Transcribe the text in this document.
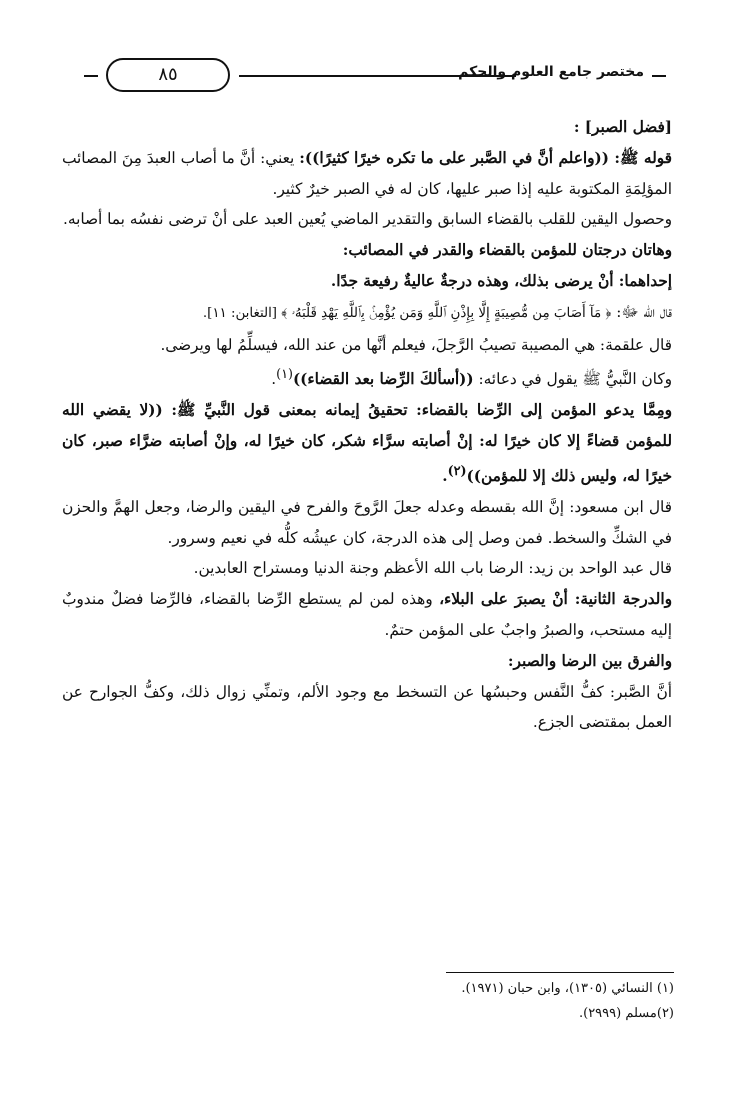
مختصر جامع العلوم والحكم
٨٥

[فضل الصبر] :

قوله ﷺ: ((واعلم أنَّ في الصَّبر على ما تكره خيرًا كثيرًا)): يعني: أنَّ ما أصاب العبدَ مِنَ المصائب المؤلِمَةِ المكتوبة عليه إذا صبر عليها، كان له في الصبر خيرٌ كثير.

وحصول اليقين للقلب بالقضاء السابق والتقدير الماضي يُعين العبد على أنْ ترضى نفسُه بما أصابه.

وهاتان درجتان للمؤمن بالقضاء والقدر في المصائب:

إحداهما: أنْ يرضى بذلك، وهذه درجةٌ عاليةٌ رفيعة جدًا.

قال الله ﷻ: ﴿ مَآ أَصَابَ مِن مُّصِيبَةٍ إِلَّا بِإِذْنِ ٱللَّهِ وَمَن يُؤْمِنۢ بِٱللَّهِ يَهْدِ قَلْبَهُۥ ﴾ [التغابن: ١١].

قال علقمة: هي المصيبة تصيبُ الرَّجلَ، فيعلم أنَّها من عند الله، فيسلِّمُ لها ويرضى.

وكان النَّبيُّ ﷺ يقول في دعائه: ((أسألكَ الرِّضا بعد القضاء))$^{(١)}$.

ومِمَّا يدعو المؤمن إلى الرِّضا بالقضاء: تحقيقُ إيمانه بمعنى قول النَّبيِّ ﷺ: ((لا يقضي الله للمؤمن قضاءً إلا كان خيرًا له: إنْ أصابته سرَّاء شكر، كان خيرًا له، وإنْ أصابته ضرَّاء صبر، كان خيرًا له، وليس ذلك إلا للمؤمن))$^{(٢)}$.

قال ابن مسعود: إنَّ الله بقسطه وعدله جعلَ الرَّوحَ والفرح في اليقين والرضا، وجعل الهمَّ والحزن في الشكِّ والسخط. فمن وصل إلى هذه الدرجة، كان عيشُه كلُّه في نعيم وسرور.

قال عبد الواحد بن زيد: الرضا باب الله الأعظم وجنة الدنيا ومستراح العابدين.

والدرجة الثانية: أنْ يصبرَ على البلاء، وهذه لمن لم يستطع الرِّضا بالقضاء، فالرِّضا فضلٌ مندوبٌ إليه مستحب، والصبرُ واجبٌ على المؤمن حتمٌ.

والفرق بين الرضا والصبر:

أنَّ الصَّبر: كفُّ النَّفس وحبسُها عن التسخط مع وجود الألم، وتمنِّي زوال ذلك، وكفُّ الجوارح عن العمل بمقتضى الجزع.

(١) النسائي (١٣٠٥)، وابن حبان (١٩٧١).

(٢)مسلم (٢٩٩٩).
